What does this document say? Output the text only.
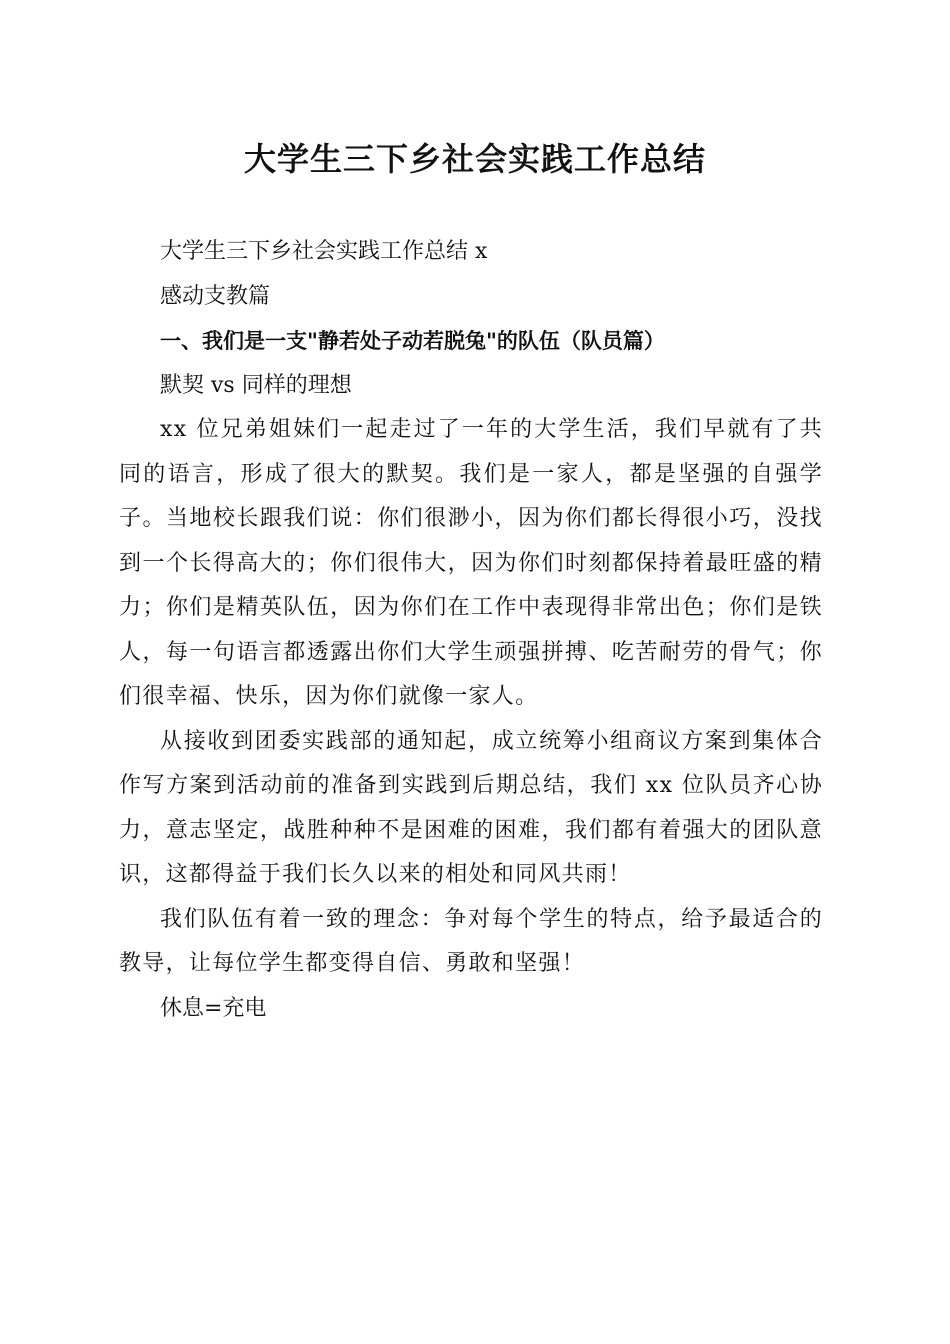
大学生三下乡社会实践工作总结

大学生三下乡社会实践工作总结 x

感动支教篇

一、我们是一支"静若处子动若脱兔"的队伍（队员篇）

默契 vs 同样的理想

xx 位兄弟姐妹们一起走过了一年的大学生活，我们早就有了共同的语言，形成了很大的默契。我们是一家人，都是坚强的自强学子。当地校长跟我们说：你们很渺小，因为你们都长得很小巧，没找到一个长得高大的；你们很伟大，因为你们时刻都保持着最旺盛的精力；你们是精英队伍，因为你们在工作中表现得非常出色；你们是铁人，每一句语言都透露出你们大学生顽强拼搏、吃苦耐劳的骨气；你们很幸福、快乐，因为你们就像一家人。

从接收到团委实践部的通知起，成立统筹小组商议方案到集体合作写方案到活动前的准备到实践到后期总结，我们 xx 位队员齐心协力，意志坚定，战胜种种不是困难的困难，我们都有着强大的团队意识，这都得益于我们长久以来的相处和同风共雨！

我们队伍有着一致的理念：争对每个学生的特点，给予最适合的教导，让每位学生都变得自信、勇敢和坚强！

休息=充电
